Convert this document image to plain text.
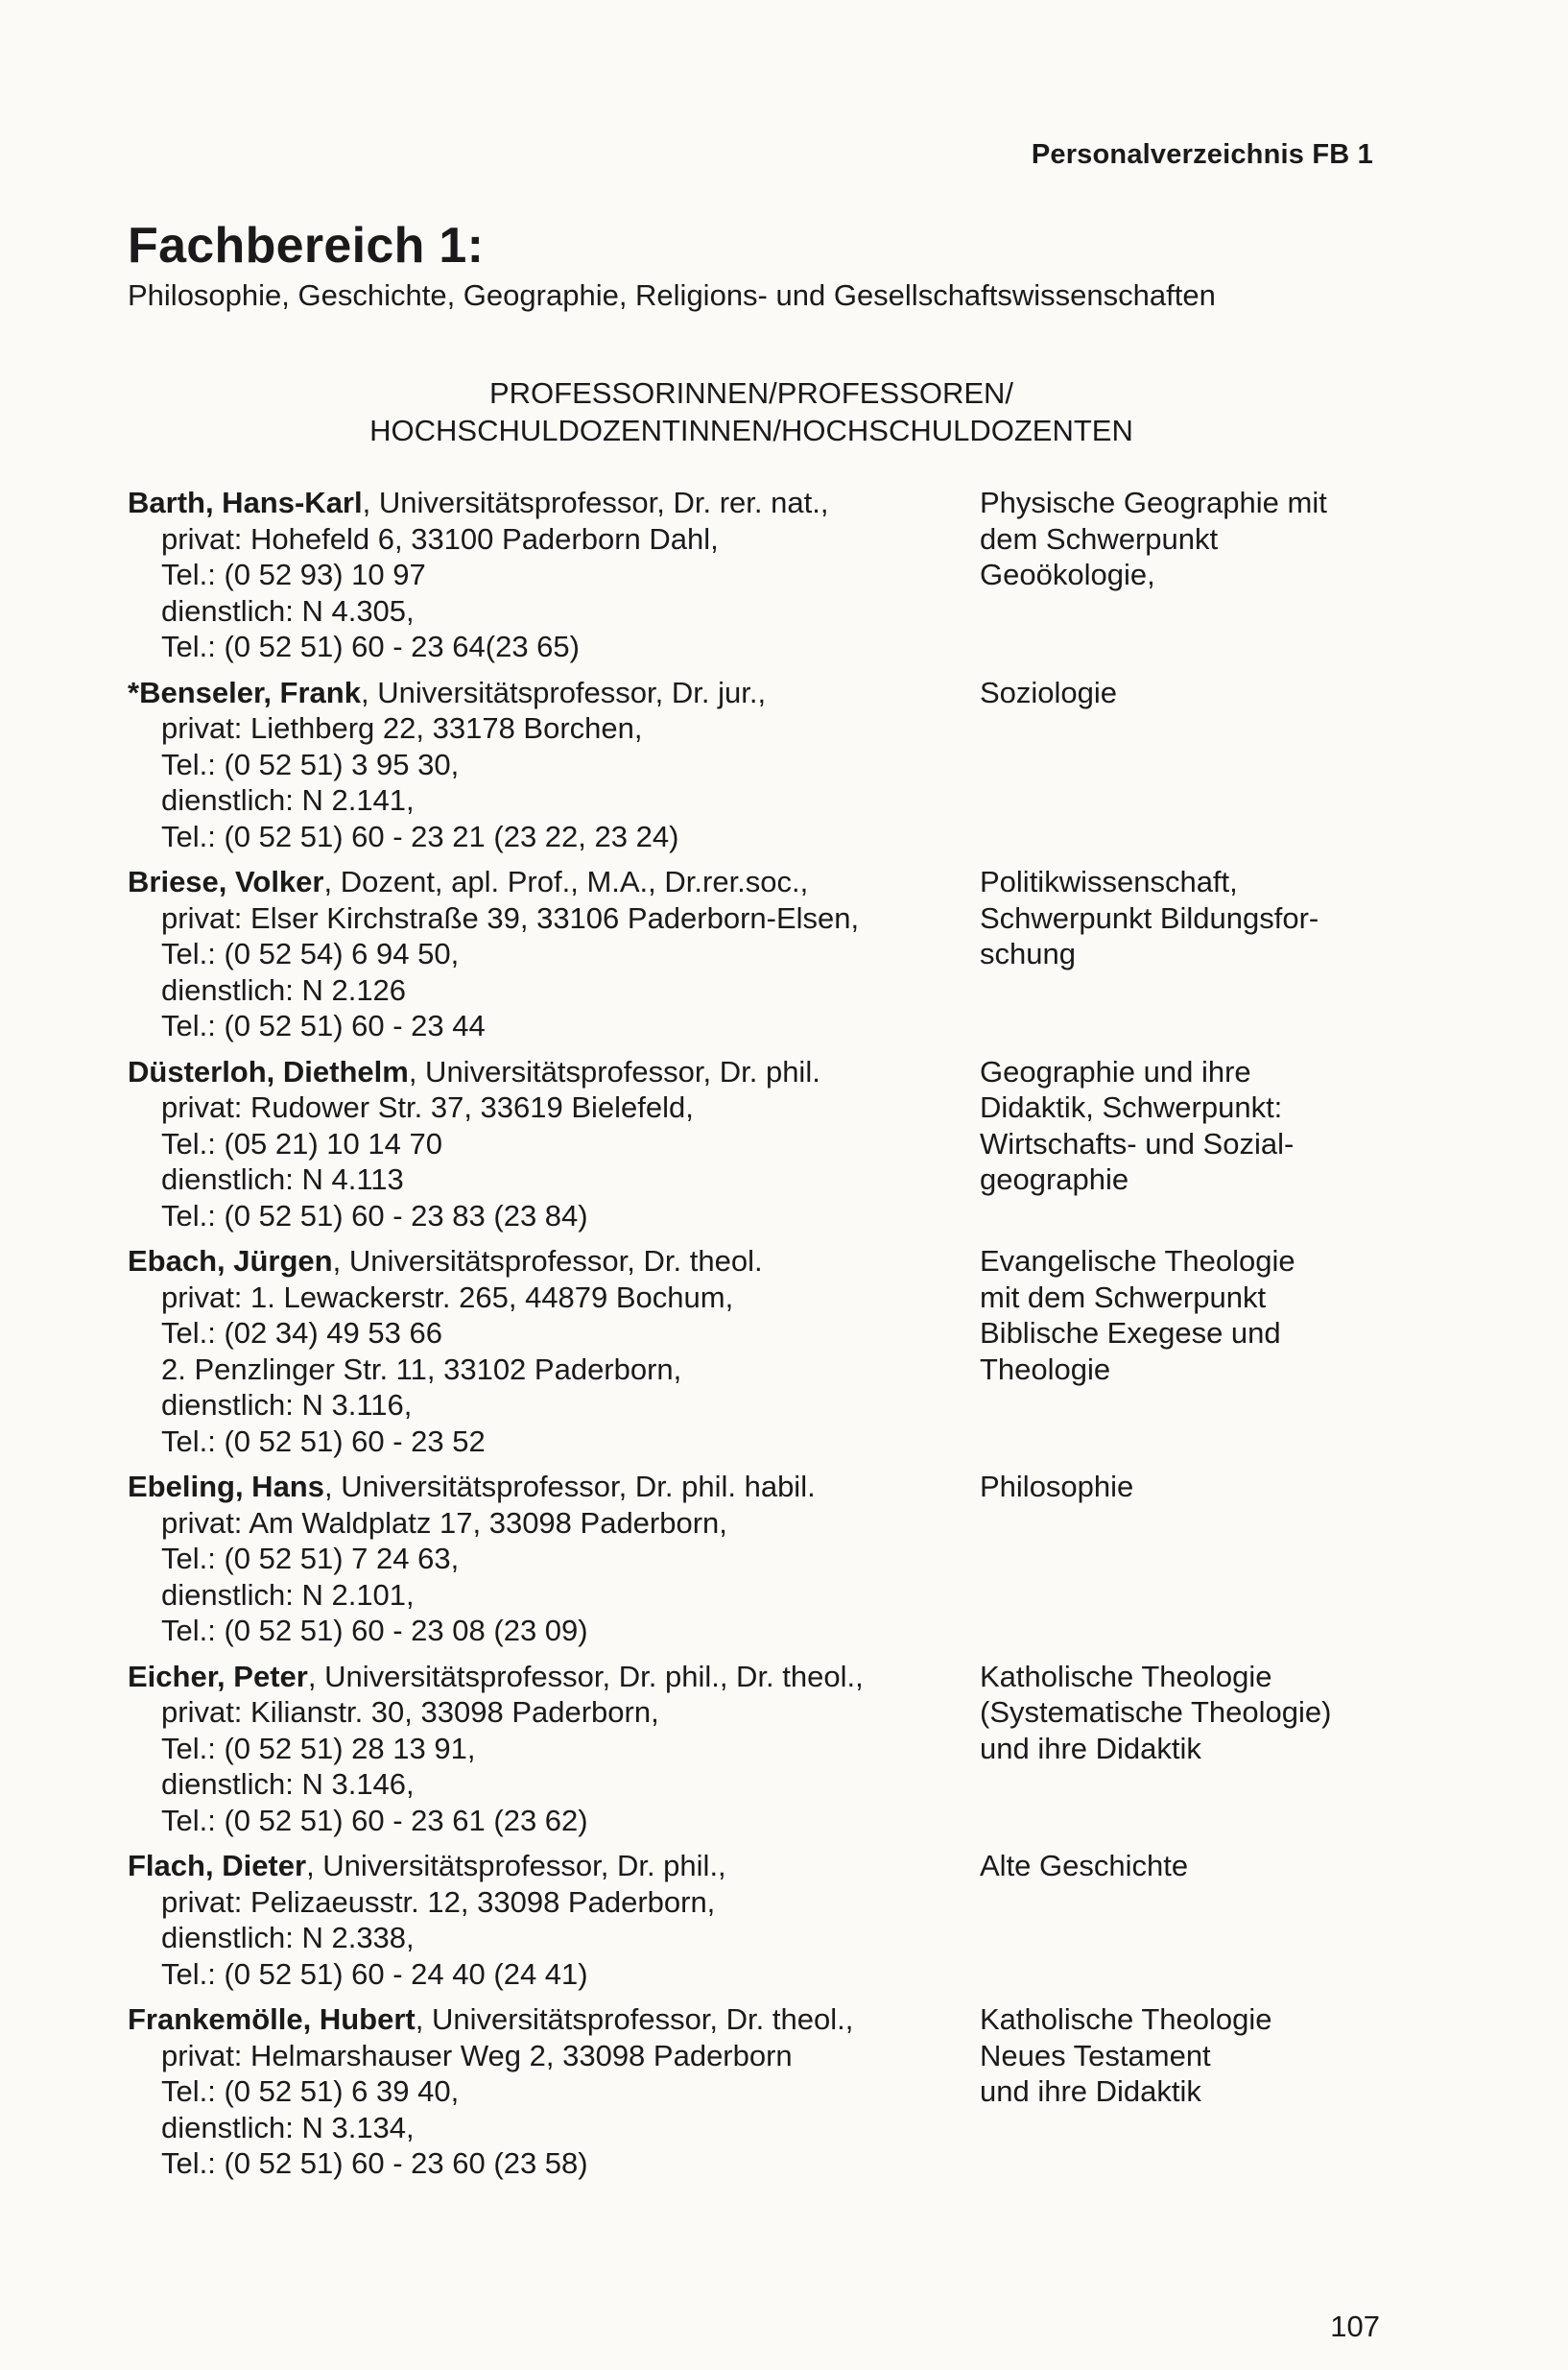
Personalverzeichnis FB 1
Fachbereich 1:
Philosophie, Geschichte, Geographie, Religions- und Gesellschaftswissenschaften
PROFESSORINNEN/PROFESSOREN/
HOCHSCHULDOZENTINNEN/HOCHSCHULDOZENTEN
Barth, Hans-Karl, Universitätsprofessor, Dr. rer. nat.,
privat: Hohefeld 6, 33100 Paderborn Dahl,
Tel.: (0 52 93) 10 97
dienstlich: N 4.305,
Tel.: (0 52 51) 60 - 23 64(23 65)
Physische Geographie mit
dem Schwerpunkt
Geoökologie,
*Benseler, Frank, Universitätsprofessor, Dr. jur.,
privat: Liethberg 22, 33178 Borchen,
Tel.: (0 52 51) 3 95 30,
dienstlich: N 2.141,
Tel.: (0 52 51) 60 - 23 21 (23 22, 23 24)
Soziologie
Briese, Volker, Dozent, apl. Prof., M.A., Dr.rer.soc.,
privat: Elser Kirchstraße 39, 33106 Paderborn-Elsen,
Tel.: (0 52 54) 6 94 50,
dienstlich: N 2.126
Tel.: (0 52 51) 60 - 23 44
Politikwissenschaft,
Schwerpunkt Bildungsfor-
schung
Düsterloh, Diethelm, Universitätsprofessor, Dr. phil.
privat: Rudower Str. 37, 33619 Bielefeld,
Tel.: (05 21) 10 14 70
dienstlich: N 4.113
Tel.: (0 52 51) 60 - 23 83 (23 84)
Geographie und ihre
Didaktik, Schwerpunkt:
Wirtschafts- und Sozial-
geographie
Ebach, Jürgen, Universitätsprofessor, Dr. theol.
privat: 1. Lewackerstr. 265, 44879 Bochum,
Tel.: (02 34) 49 53 66
2. Penzlinger Str. 11, 33102 Paderborn,
dienstlich: N 3.116,
Tel.: (0 52 51) 60 - 23 52
Evangelische Theologie
mit dem Schwerpunkt
Biblische Exegese und
Theologie
Ebeling, Hans, Universitätsprofessor, Dr. phil. habil.
privat: Am Waldplatz 17, 33098 Paderborn,
Tel.: (0 52 51) 7 24 63,
dienstlich: N 2.101,
Tel.: (0 52 51) 60 - 23 08 (23 09)
Philosophie
Eicher, Peter, Universitätsprofessor, Dr. phil., Dr. theol.,
privat: Kilianstr. 30, 33098 Paderborn,
Tel.: (0 52 51) 28 13 91,
dienstlich: N 3.146,
Tel.: (0 52 51) 60 - 23 61 (23 62)
Katholische Theologie
(Systematische Theologie)
und ihre Didaktik
Flach, Dieter, Universitätsprofessor, Dr. phil.,
privat: Pelizaeusstr. 12, 33098 Paderborn,
dienstlich: N 2.338,
Tel.: (0 52 51) 60 - 24 40 (24 41)
Alte Geschichte
Frankemölle, Hubert, Universitätsprofessor, Dr. theol.,
privat: Helmarshauser Weg 2, 33098 Paderborn
Tel.: (0 52 51) 6 39 40,
dienstlich: N 3.134,
Tel.: (0 52 51) 60 - 23 60 (23 58)
Katholische Theologie
Neues Testament
und ihre Didaktik
107
